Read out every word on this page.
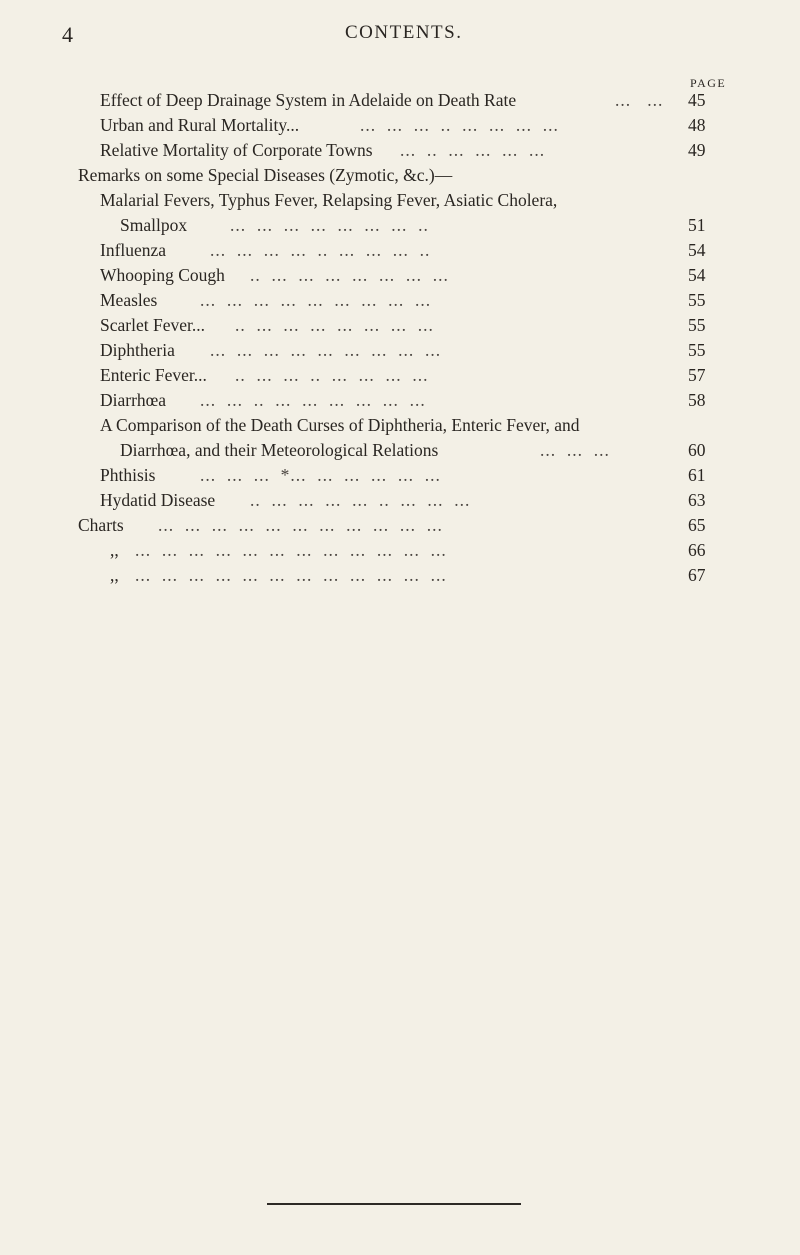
4	CONTENTS.
PAGE
Effect of Deep Drainage System in Adelaide on Death Rate	...   ...	45
Urban and Rural Mortality...	...  ...  ...  ..  ...  ...  ...  ...	48
Relative Mortality of Corporate Towns ...  ..  ...  ...  ...  ...	49
Remarks on some Special Diseases (Zymotic, &c.)—
Malarial Fevers, Typhus Fever, Relapsing Fever, Asiatic Cholera,
Smallpox ...  ...  ...  ...  ...  ...  ...  ..	51
Influenza	...  ...  ...  ...  ..  ...  ...  ...  ..	54
Whooping Cough ..  ...  ...  ...  ...  ...  ...  ...	54
Measles ...  ...  ...  ...  ...  ...  ...  ...  ...	55
Scarlet Fever... ..  ...  ...  ...  ...  ...  ...  ...	55
Diphtheria ...  ...  ...  ...  ...  ...  ...  ...  ...	55
Enteric Fever... ..  ...  ...  ..  ...  ...  ...  ...	57
Diarrhœa ...  ...  ..  ...  ...  ...  ...  ...  ...	58
A Comparison of the Death Curses of Diphtheria, Enteric Fever, and
Diarrhœa, and their Meteorological Relations	...  ...  ...	60
Phthisis	...  ...  ...  *...  ...  ...  ...  ...  ...	61
Hydatid Disease ..  ...  ...  ...  ...  ..  ...  ...  ...	63
Charts ...  ...  ...  ...  ...  ...  ...  ...  ...  ...  ...	65
,, ...  ...  ...  ...  ...  ...  ...  ...  ...  ...  ...  ...	66
,, ...  ...  ...  ...  ...  ...  ...  ...  ...  ...  ...  ...	67
